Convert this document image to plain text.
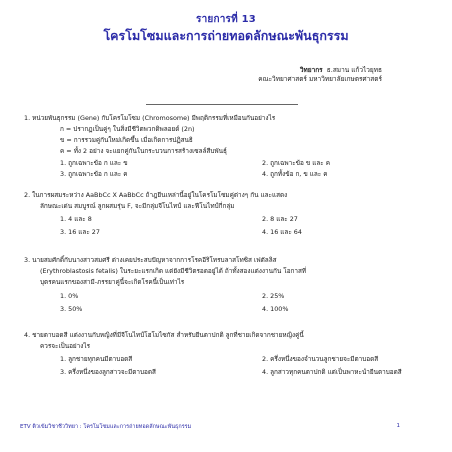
รายการที่ 13
โครโมโซมและการถ่ายทอดลักษณะพันธุกรรม
วิทยากร ธ.สมาน แก้วไวยุทธ
คณะวิทยาศาสตร์ มหาวิทยาลัยเกษตรศาสตร์
1. หน่วยพันธุกรรม (Gene) กับโครโมโซม (Chromosome) มีพฤติกรรมที่เหมือนกันอย่างไร
ก = ปรากฏเป็นคู่ๆ ในสิ่งมีชีวิตพวกดิพลอยด์ (2n)
ข = การรวมคู่กันใหม่เกิดขึ้น เมื่อเกิดการปฏิสนธิ
ค = ทั้ง 2 อย่าง จะแยกคู่กันในกระบวนการสร้างเซลล์สืบพันธุ์
1. ถูกเฉพาะข้อ ก และ ข	2. ถูกเฉพาะข้อ ข และ ค
3. ถูกเฉพาะข้อ ก และ ค	4. ถูกทั้งข้อ ก, ข และ ค
2. ในการผสมระหว่าง AaBbCc X AaBbCc ถ้าฎยีนเหล่านี้อยู่ในโครโมโซมคู่ต่างๆ กัน และแสดง
ลักษณะเด่น สมบูรณ์ ลูกผสมรุ่น F, จะมีกลุ่มจีโนไทป์ และฟีโนไทป์กี่กลุ่ม
1. 4 และ 8	2. 8 และ 27
3. 16 และ 27	4. 16 และ 64
3. นายสมศักดิ์กับนางสาวสมศรี ต่างเคยประสบปัญหาจากการโรคอีริโทรบลาสโทซิส เฟตัลลิส
(Erythroblastosis fetalis) ในระยะแรกเกิด แต่ยังมีชีวิตรอดอยู่ได้ ถ้าทั้งสองแต่งงานกัน โอกาสที่
บุตรคนแรกของสามี-ภรรยาคู่นี้จะเกิดโรคนี้เป็นเท่าไร
1. 0%	2. 25%
3. 50%	4. 100%
4. ชายตาบอดสี แต่งงานกับหญิงที่มีจีโนไทป์โฮโมไซกัส สำหรับยีนตาปกติ ลูกที่ชายเกิดจากชายหญิงคู่นี้
ควรจะเป็นอย่างไร
1. ลูกชายทุกคนมีตาบอดสี	2. ครึ่งหนึ่งของจำนวนลูกชายจะมีตาบอดสี
3. ครึ่งหนึ่งของลูกสาวจะมีตาบอดสี	4. ลูกสาวทุกคนตาปกติ แต่เป็นพาหะนำยีนตาบอดสี
ETV ติวเข้มวิชาชีววิทยา : โครโมโซมและการถ่ายทอดลักษณะพันธุกรรม	1
